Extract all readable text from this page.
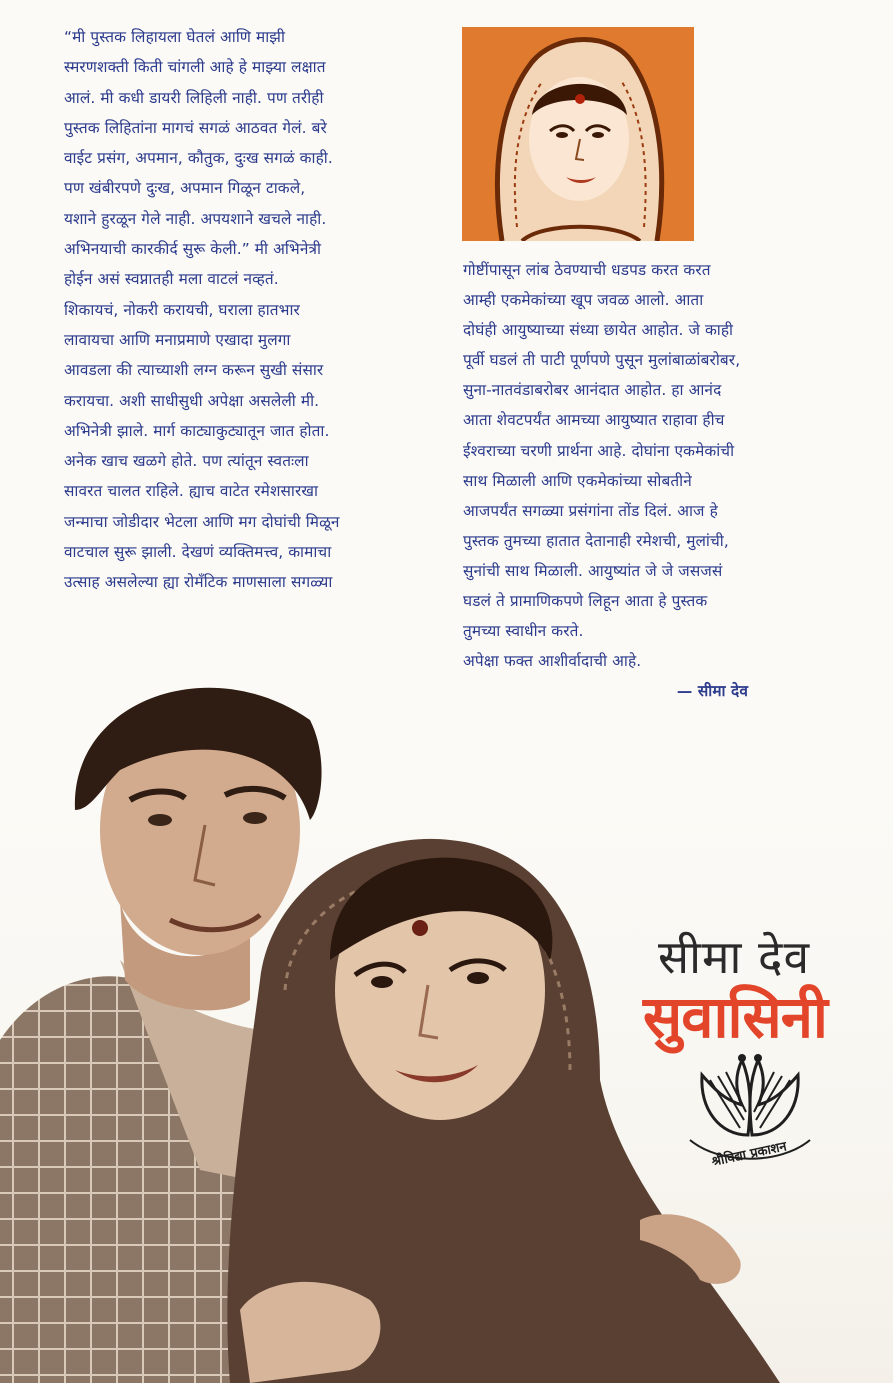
“मी पुस्तक लिहायला घेतलं आणि माझी
स्मरणशक्ती किती चांगली आहे हे माझ्या लक्षात
आलं. मी कधी डायरी लिहिली नाही. पण तरीही
पुस्तक लिहितांना मागचं सगळं आठवत गेलं. बरे
वाईट प्रसंग, अपमान, कौतुक, दुःख सगळं काही.
पण खंबीरपणे दुःख, अपमान गिळून टाकले,
यशाने हुरळून गेले नाही. अपयशाने खचले नाही.
अभिनयाची कारकीर्द सुरू केली.” मी अभिनेत्री
होईन असं स्वप्नातही मला वाटलं नव्हतं.
शिकायचं, नोकरी करायची, घराला हातभार
लावायचा आणि मनाप्रमाणे एखादा मुलगा
आवडला की त्याच्याशी लग्न करून सुखी संसार
करायचा. अशी साधीसुधी अपेक्षा असलेली मी.
अभिनेत्री झाले. मार्ग काट्याकुट्यातून जात होता.
अनेक खाच खळगे होते. पण त्यांतून स्वतःला
सावरत चालत राहिले. ह्याच वाटेत रमेशसारखा
जन्माचा जोडीदार भेटला आणि मग दोघांची मिळून
वाटचाल सुरू झाली. देखणं व्यक्तिमत्त्व, कामाचा
उत्साह असलेल्या ह्या रोमँटिक माणसाला सगळ्या
गोष्टींपासून लांब ठेवण्याची धडपड करत करत
आम्ही एकमेकांच्या खूप जवळ आलो. आता
दोघंही आयुष्याच्या संध्या छायेत आहोत. जे काही
पूर्वी घडलं ती पाटी पूर्णपणे पुसून मुलांबाळांबरोबर,
सुना-नातवंडाबरोबर आनंदात आहोत. हा आनंद
आता शेवटपर्यंत आमच्या आयुष्यात राहावा हीच
ईश्वराच्या चरणी प्रार्थना आहे. दोघांना एकमेकांची
साथ मिळाली आणि एकमेकांच्या सोबतीने
आजपर्यंत सगळ्या प्रसंगांना तोंड दिलं. आज हे
पुस्तक तुमच्या हातात देतानाही रमेशची, मुलांची,
सुनांची साथ मिळाली. आयुष्यांत जे जे जसजसं
घडलं ते प्रामाणिकपणे लिहून आता हे पुस्तक
तुमच्या स्वाधीन करते.
सीमा देव
सुवासिनी
श्रीविद्या प्रकाशन
